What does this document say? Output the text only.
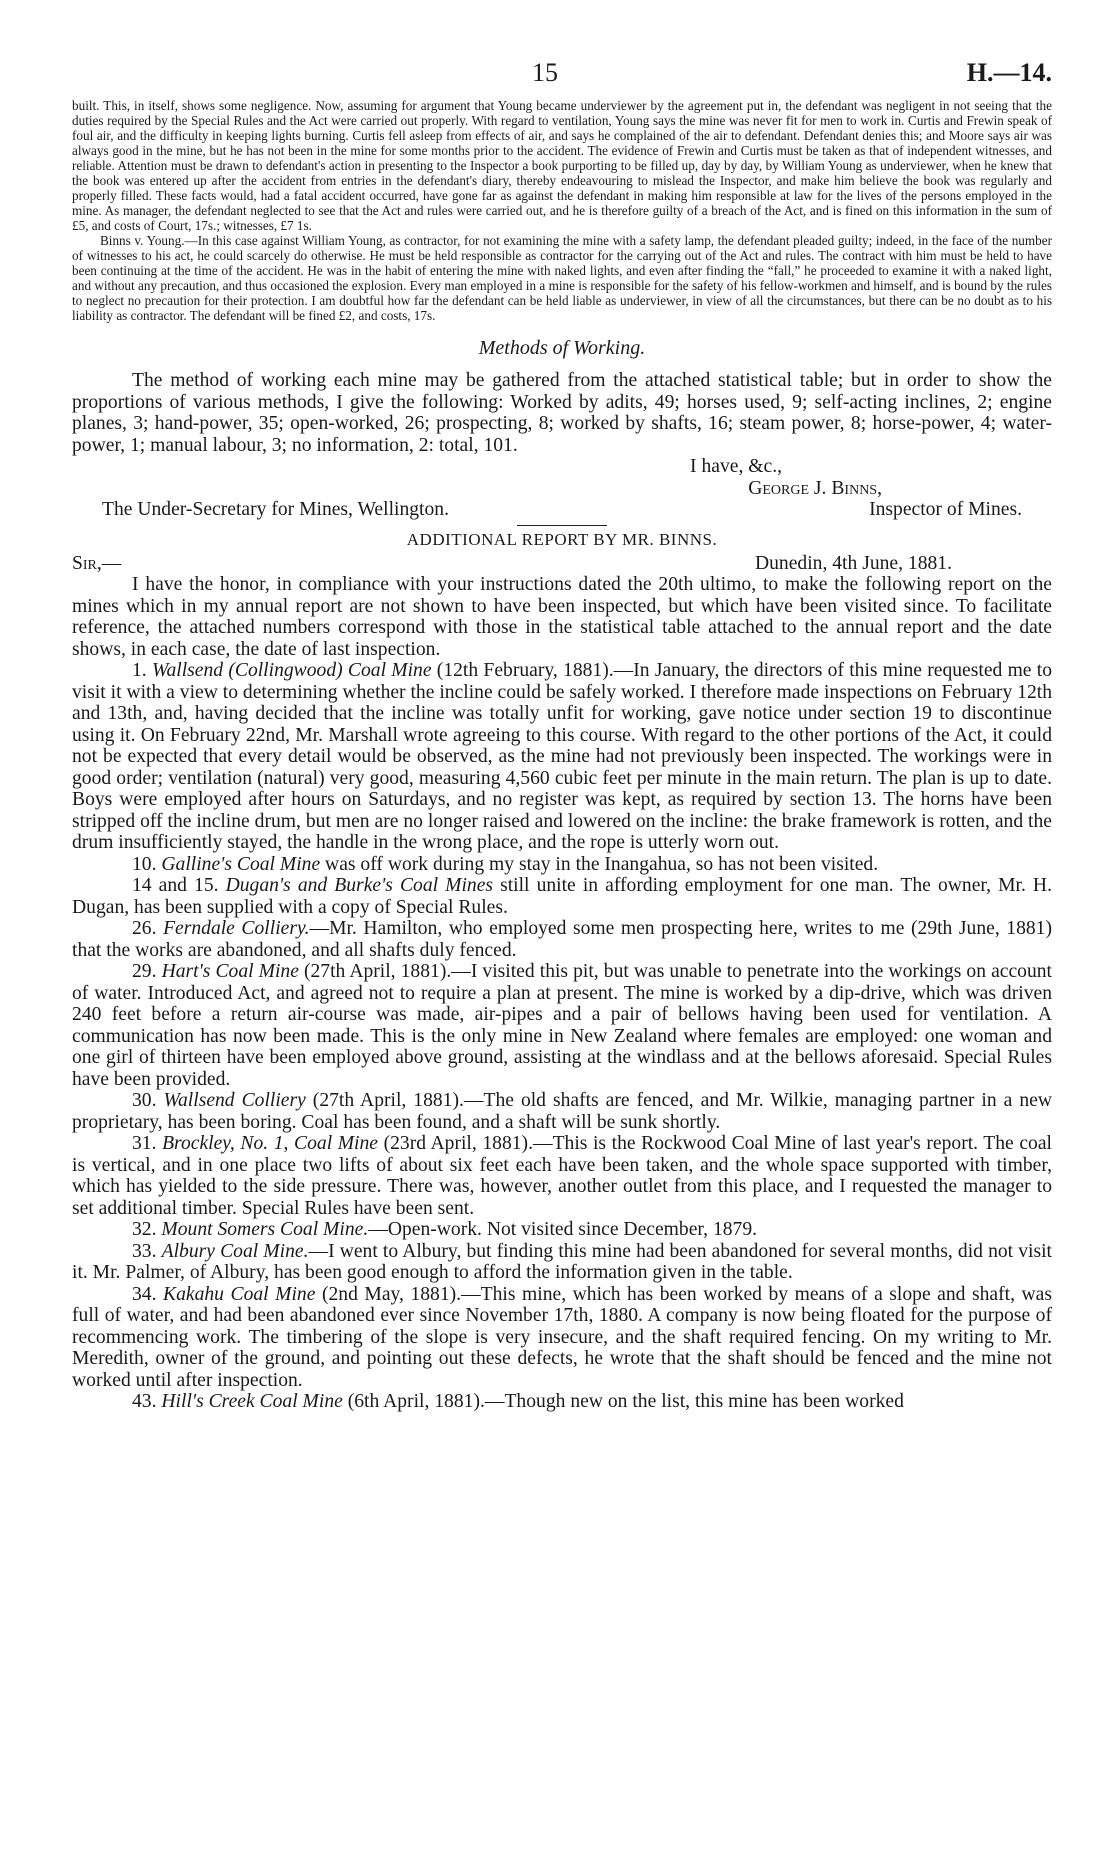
15	H.—14.

built. This, in itself, shows some negligence. Now, assuming for argument that Young became underviewer by the agreement put in, the defendant was negligent in not seeing that the duties required by the Special Rules and the Act were carried out properly. With regard to ventilation, Young says the mine was never fit for men to work in. Curtis and Frewin speak of foul air, and the difficulty in keeping lights burning. Curtis fell asleep from effects of air, and says he complained of the air to defendant. Defendant denies this; and Moore says air was always good in the mine, but he has not been in the mine for some months prior to the accident. The evidence of Frewin and Curtis must be taken as that of independent witnesses, and reliable. Attention must be drawn to defendant's action in presenting to the Inspector a book purporting to be filled up, day by day, by William Young as underviewer, when he knew that the book was entered up after the accident from entries in the defendant's diary, thereby endeavouring to mislead the Inspector, and make him believe the book was regularly and properly filled. These facts would, had a fatal accident occurred, have gone far as against the defendant in making him responsible at law for the lives of the persons employed in the mine. As manager, the defendant neglected to see that the Act and rules were carried out, and he is therefore guilty of a breach of the Act, and is fined on this information in the sum of £5, and costs of Court, 17s.; witnesses, £7 1s.

Binns v. Young.—In this case against William Young, as contractor, for not examining the mine with a safety lamp, the defendant pleaded guilty; indeed, in the face of the number of witnesses to his act, he could scarcely do otherwise. He must be held responsible as contractor for the carrying out of the Act and rules. The contract with him must be held to have been continuing at the time of the accident. He was in the habit of entering the mine with naked lights, and even after finding the “fall,” he proceeded to examine it with a naked light, and without any precaution, and thus occasioned the explosion. Every man employed in a mine is responsible for the safety of his fellow-workmen and himself, and is bound by the rules to neglect no precaution for their protection. I am doubtful how far the defendant can be held liable as underviewer, in view of all the circumstances, but there can be no doubt as to his liability as contractor. The defendant will be fined £2, and costs, 17s.

Methods of Working.

The method of working each mine may be gathered from the attached statistical table; but in order to show the proportions of various methods, I give the following: Worked by adits, 49; horses used, 9; self-acting inclines, 2; engine planes, 3; hand-power, 35; open-worked, 26; prospecting, 8; worked by shafts, 16; steam power, 8; horse-power, 4; water-power, 1; manual labour, 3; no information, 2: total, 101.

I have, &c.,
George J. Binns,
The Under-Secretary for Mines, Wellington.	Inspector of Mines.
ADDITIONAL REPORT BY MR. BINNS.
Sir,—	Dunedin, 4th June, 1881.

I have the honor, in compliance with your instructions dated the 20th ultimo, to make the following report on the mines which in my annual report are not shown to have been inspected, but which have been visited since. To facilitate reference, the attached numbers correspond with those in the statistical table attached to the annual report and the date shows, in each case, the date of last inspection.

1. Wallsend (Collingwood) Coal Mine (12th February, 1881).—In January, the directors of this mine requested me to visit it with a view to determining whether the incline could be safely worked. I therefore made inspections on February 12th and 13th, and, having decided that the incline was totally unfit for working, gave notice under section 19 to discontinue using it. On February 22nd, Mr. Marshall wrote agreeing to this course. With regard to the other portions of the Act, it could not be expected that every detail would be observed, as the mine had not previously been inspected. The workings were in good order; ventilation (natural) very good, measuring 4,560 cubic feet per minute in the main return. The plan is up to date. Boys were employed after hours on Saturdays, and no register was kept, as required by section 13. The horns have been stripped off the incline drum, but men are no longer raised and lowered on the incline: the brake framework is rotten, and the drum insufficiently stayed, the handle in the wrong place, and the rope is utterly worn out.

10. Galline's Coal Mine was off work during my stay in the Inangahua, so has not been visited.

14 and 15. Dugan's and Burke's Coal Mines still unite in affording employment for one man. The owner, Mr. H. Dugan, has been supplied with a copy of Special Rules.

26. Ferndale Colliery.—Mr. Hamilton, who employed some men prospecting here, writes to me (29th June, 1881) that the works are abandoned, and all shafts duly fenced.

29. Hart's Coal Mine (27th April, 1881).—I visited this pit, but was unable to penetrate into the workings on account of water. Introduced Act, and agreed not to require a plan at present. The mine is worked by a dip-drive, which was driven 240 feet before a return air-course was made, air-pipes and a pair of bellows having been used for ventilation. A communication has now been made. This is the only mine in New Zealand where females are employed: one woman and one girl of thirteen have been employed above ground, assisting at the windlass and at the bellows aforesaid. Special Rules have been provided.

30. Wallsend Colliery (27th April, 1881).—The old shafts are fenced, and Mr. Wilkie, managing partner in a new proprietary, has been boring. Coal has been found, and a shaft will be sunk shortly.

31. Brockley, No. 1, Coal Mine (23rd April, 1881).—This is the Rockwood Coal Mine of last year's report. The coal is vertical, and in one place two lifts of about six feet each have been taken, and the whole space supported with timber, which has yielded to the side pressure. There was, however, another outlet from this place, and I requested the manager to set additional timber. Special Rules have been sent.

32. Mount Somers Coal Mine.—Open-work. Not visited since December, 1879.

33. Albury Coal Mine.—I went to Albury, but finding this mine had been abandoned for several months, did not visit it. Mr. Palmer, of Albury, has been good enough to afford the information given in the table.

34. Kakahu Coal Mine (2nd May, 1881).—This mine, which has been worked by means of a slope and shaft, was full of water, and had been abandoned ever since November 17th, 1880. A company is now being floated for the purpose of recommencing work. The timbering of the slope is very insecure, and the shaft required fencing. On my writing to Mr. Meredith, owner of the ground, and pointing out these defects, he wrote that the shaft should be fenced and the mine not worked until after inspection.

43. Hill's Creek Coal Mine (6th April, 1881).—Though new on the list, this mine has been worked
